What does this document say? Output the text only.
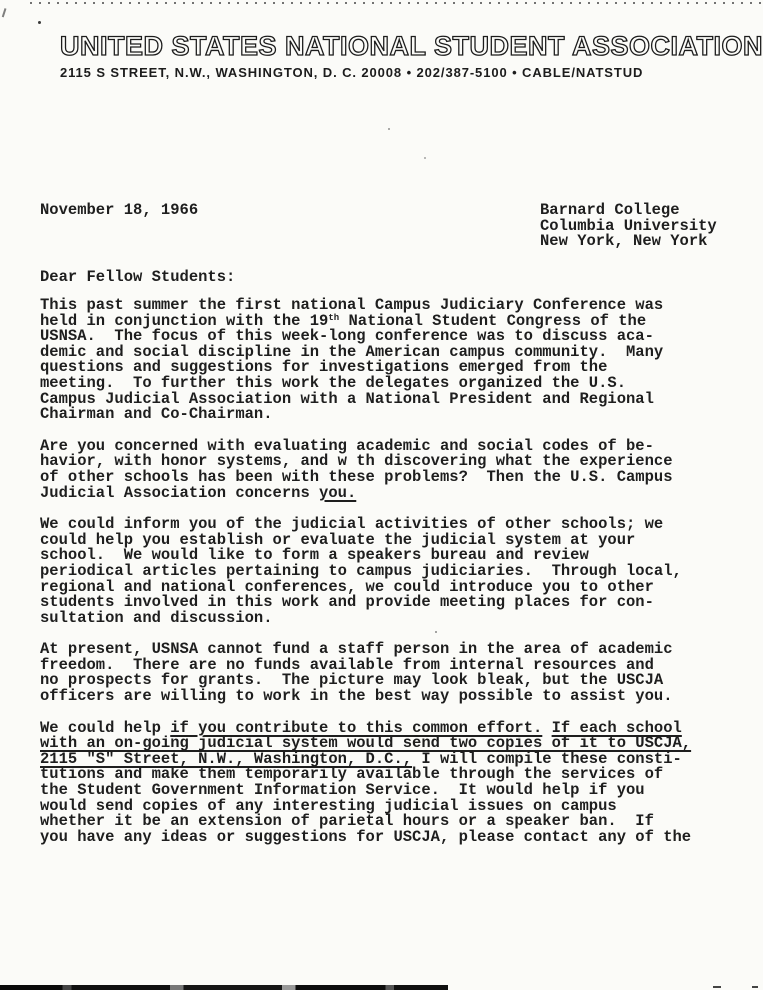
UNITED STATES NATIONAL STUDENT ASSOCIATION
2115 S STREET, N.W., WASHINGTON, D. C. 20008 • 202/387-5100 • CABLE/NATSTUD
November 18, 1966	Barnard College
Columbia University
New York, New York
Dear Fellow Students:
This past summer the first national Campus Judiciary Conference was
held in conjunction with the 19th National Student Congress of the
USNSA.  The focus of this week-long conference was to discuss aca-
demic and social discipline in the American campus community.  Many
questions and suggestions for investigations emerged from the
meeting.  To further this work the delegates organized the U.S.
Campus Judicial Association with a National President and Regional
Chairman and Co-Chairman.
Are you concerned with evaluating academic and social codes of be-
havior, with honor systems, and w th discovering what the experience
of other schools has been with these problems?  Then the U.S. Campus
Judicial Association concerns you.
We could inform you of the judicial activities of other schools; we
could help you establish or evaluate the judicial system at your
school.  We would like to form a speakers bureau and review
periodical articles pertaining to campus judiciaries.  Through local,
regional and national conferences, we could introduce you to other
students involved in this work and provide meeting places for con-
sultation and discussion.
At present, USNSA cannot fund a staff person in the area of academic
freedom.  There are no funds available from internal resources and
no prospects for grants.  The picture may look bleak, but the USCJA
officers are willing to work in the best way possible to assist you.
We could help if you contribute to this common effort. If each school
with an on-going judicial system would send two copies of it to USCJA,
2115 "S" Street, N.W., Washington, D.C., I will compile these consti-
tutions and make them temporarily available through the services of
the Student Government Information Service.  It would help if you
would send copies of any interesting judicial issues on campus
whether it be an extension of parietal hours or a speaker ban.  If
you have any ideas or suggestions for USCJA, please contact any of the
